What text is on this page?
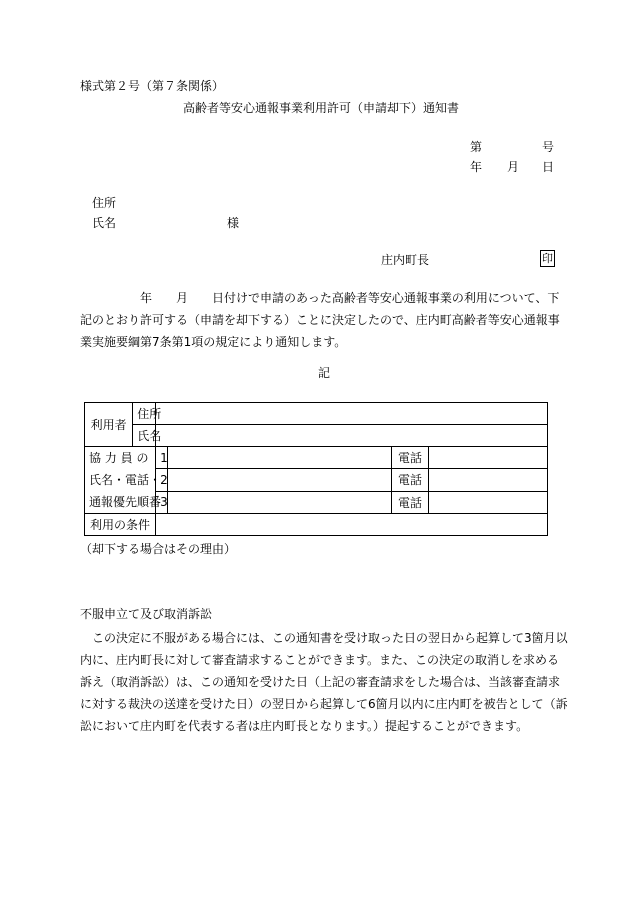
様式第２号（第７条関係）
高齢者等安心通報事業利用許可（申請却下）通知書
第	号
年 月 日
住所
氏名	様
庄内町長	印
　　　　　年　　月　　日付けで申請のあった高齢者等安心通報事業の利用について、下
記のとおり許可する（申請を却下する）ことに決定したので、庄内町高齢者等安心通報事
業実施要綱第7条第1項の規定により通知します。
記
利用者	住所				
	氏名				

協 力 員 の
氏名・電話・
通報優先順番		1		電話	
		2		電話	
		3		電話	
利用の条件					
（却下する場合はその理由）
不服申立て及び取消訴訟
　この決定に不服がある場合には、この通知書を受け取った日の翌日から起算して3箇月以
内に、庄内町長に対して審査請求することができます。また、この決定の取消しを求める
訴え（取消訴訟）は、この通知を受けた日（上記の審査請求をした場合は、当該審査請求
に対する裁決の送達を受けた日）の翌日から起算して6箇月以内に庄内町を被告として（訴
訟において庄内町を代表する者は庄内町長となります。）提起することができます。
